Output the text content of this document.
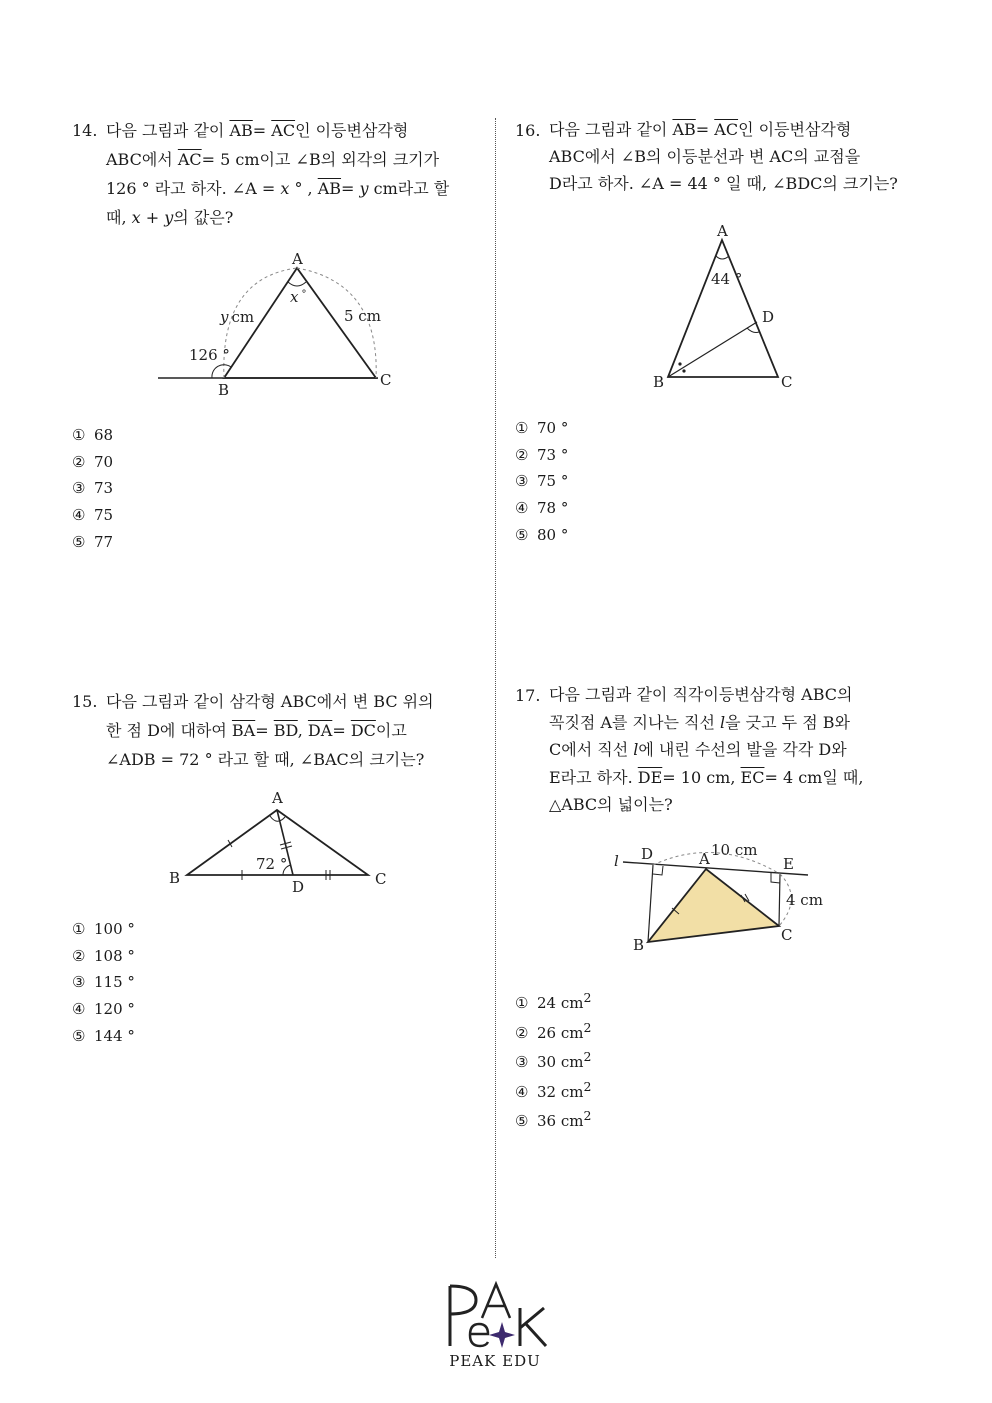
14. 다음 그림과 같이 $\overline{AB}= \overline{AC}$인 이등변삼각형
ABC에서 $\overline{AC}= 5$ cm이고 ∠B의 외각의 크기가
126 ° 라고 하자. ∠A = x ° , $\overline{AB}= y$ cm라고 할
때, x + y의 값은?
A
B
C
x °
y cm	5 cm
126 °
① 68
② 70
③ 73
④ 75
⑤ 77
15. 다음 그림과 같이 삼각형 ABC에서 변 BC 위의
한 점 D에 대하여 $\overline{BA}= \overline{BD}$, $\overline{DA}= \overline{DC}$이고
∠ADB = 72 ° 라고 할 때, ∠BAC의 크기는?
A
B	C
D
72 °
① 100 °
② 108 °
③ 115 °
④ 120 °
⑤ 144 °
16. 다음 그림과 같이 $\overline{AB}= \overline{AC}$인 이등변삼각형
ABC에서 ∠B의 이등분선과 변 AC의 교점을
D라고 하자. ∠A = 44 ° 일 때, ∠BDC의 크기는?
A
B	C
D
44 °
① 70 °
② 73 °
③ 75 °
④ 78 °
⑤ 80 °
17. 다음 그림과 같이 직각이등변삼각형 ABC의
꼭짓점 A를 지나는 직선 l을 긋고 두 점 B와
C에서 직선 l에 내린 수선의 발을 각각 D와
E라고 하자. $\overline{DE}= 10$ cm, $\overline{EC}= 4$ cm일 때,
△ABC의 넓이는?
l D	A	E
B
C
10 cm
4 cm
① 24 $cm^2$
② 26 $cm^2$
③ 30 $cm^2$
④ 32 $cm^2$
⑤ 36 $cm^2$
PEAK EDU
